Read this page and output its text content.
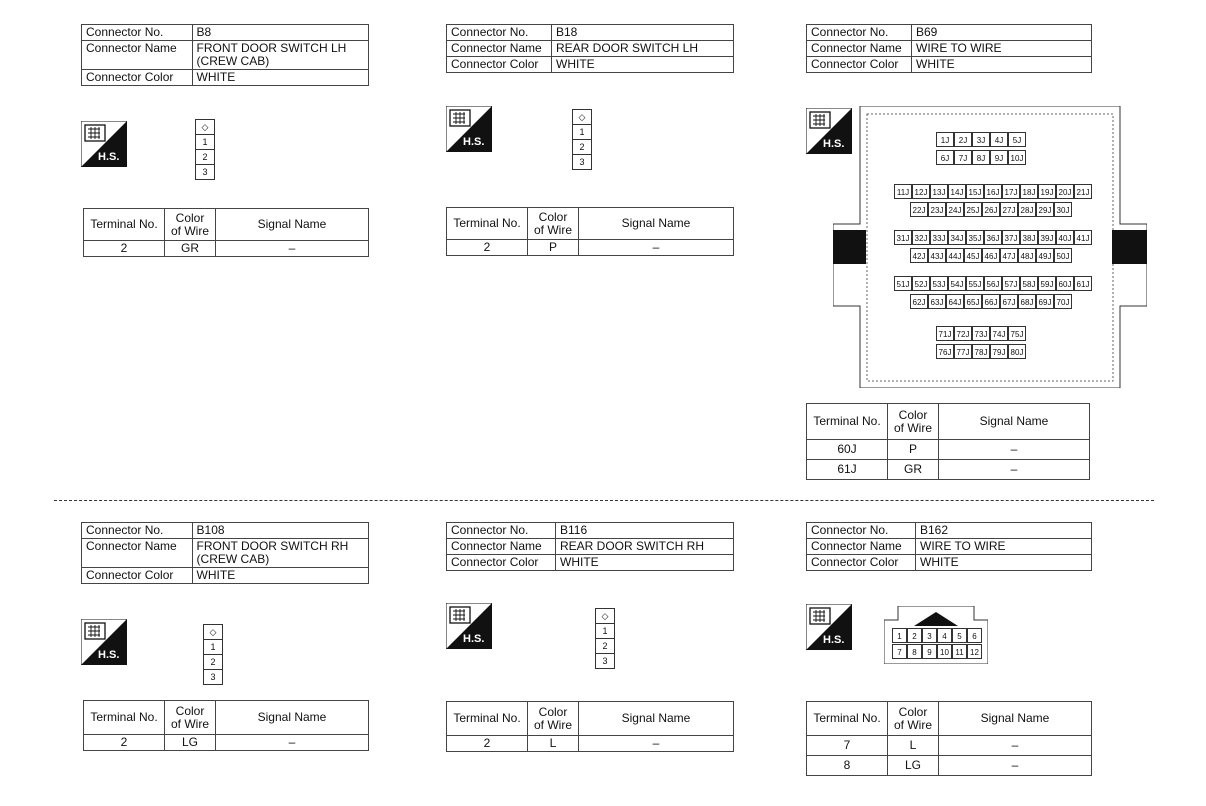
Connector No.	B8
Connector Name	FRONT DOOR SWITCH LH (CREW CAB)
Connector Color	WHITE
H.S.
◇
1
2
3
Terminal No.	Color of Wire	Signal Name
2	GR	–
Connector No.	B18
Connector Name	REAR DOOR SWITCH LH
Connector Color	WHITE
H.S.
◇
1
2
3
Terminal No.	Color of Wire	Signal Name
2	P	–
Connector No.	B69
Connector Name	WIRE TO WIRE
Connector Color	WHITE
H.S.	1J	2J	3J	4J	5J
6J	7J	8J	9J 10J
11J 12J 13J 14J 15J 16J 17J 18J 19J 20J 21J
22J 23J 24J 25J 26J 27J 28J 29J 30J
31J 32J 33J 34J 35J 36J 37J 38J 39J 40J 41J
42J 43J 44J 45J 46J 47J 48J 49J 50J
51J 52J 53J 54J 55J 56J 57J 58J 59J 60J 61J
62J 63J 64J 65J 66J 67J 68J 69J 70J
71J 72J 73J 74J 75J
76J 77J 78J 79J 80J
Terminal No.	Color of Wire	Signal Name
60J	P	–
61J	GR	–
Connector No.	B108
Connector Name	FRONT DOOR SWITCH RH (CREW CAB)
Connector Color	WHITE
H.S.
◇
1
2
3
Terminal No.	Color of Wire	Signal Name
2	LG	–
Connector No.	B116
Connector Name	REAR DOOR SWITCH RH
Connector Color	WHITE
H.S.
◇
1
2
3
Terminal No.	Color of Wire	Signal Name
2	L	–
Connector No.	B162
Connector Name	WIRE TO WIRE
Connector Color	WHITE
H.S.	1	2	3	4	5	6
7	8	9	10 11 12
Terminal No.	Color of Wire	Signal Name
7	L	–
8	LG	–
